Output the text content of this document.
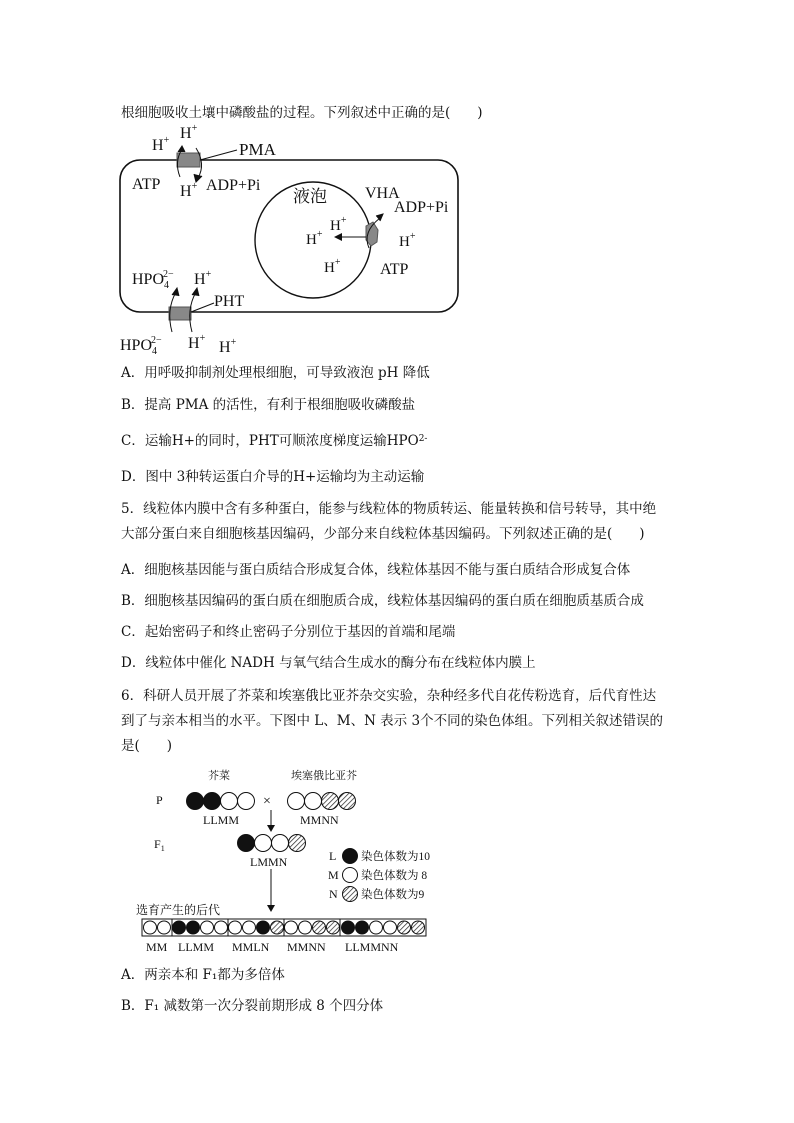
根细胞吸收土壤中磷酸盐的过程。下列叙述中正确的是(　　)
H+ H+
PMA
ATP H+ ADP+Pi
液泡
H+
H+
H+
VHA
ADP+Pi
H+
ATP
$HPO_42- H^+$
PHT
$HPO_42- H^+$
H+
A．用呼吸抑制剂处理根细胞，可导致液泡 pH 降低
B．提高 PMA 的活性，有利于根细胞吸收磷酸盐
C．运输H+的同时，PHT可顺浓度梯度运输$HPO^{2-}$
D．图中 3种转运蛋白介导的H+运输均为主动运输
5．线粒体内膜中含有多种蛋白，能参与线粒体的物质转运、能量转换和信号转导，其中绝
大部分蛋白来自细胞核基因编码，少部分来自线粒体基因编码。下列叙述正确的是(　　)
A．细胞核基因能与蛋白质结合形成复合体，线粒体基因不能与蛋白质结合形成复合体
B．细胞核基因编码的蛋白质在细胞质合成，线粒体基因编码的蛋白质在细胞质基质合成
C．起始密码子和终止密码子分别位于基因的首端和尾端
D．线粒体中催化 NADH 与氧气结合生成水的酶分布在线粒体内膜上
6．科研人员开展了芥菜和埃塞俄比亚芥杂交实验，杂种经多代自花传粉选育，后代育性达
到了与亲本相当的水平。下图中 L、M、N 表示 3个不同的染色体组。下列相关叙述错误的
是(　　)
芥菜	埃塞俄比亚芥
P	×
LLMM	MMNN
$F_1$
LMMN	L 染色体数为10
M 染色体数为 8
N 染色体数为9
选育产生的后代
MM LLMM MMLN MMNN LLMMNN
A．两亲本和 F₁都为多倍体
B．F₁ 减数第一次分裂前期形成 8 个四分体
